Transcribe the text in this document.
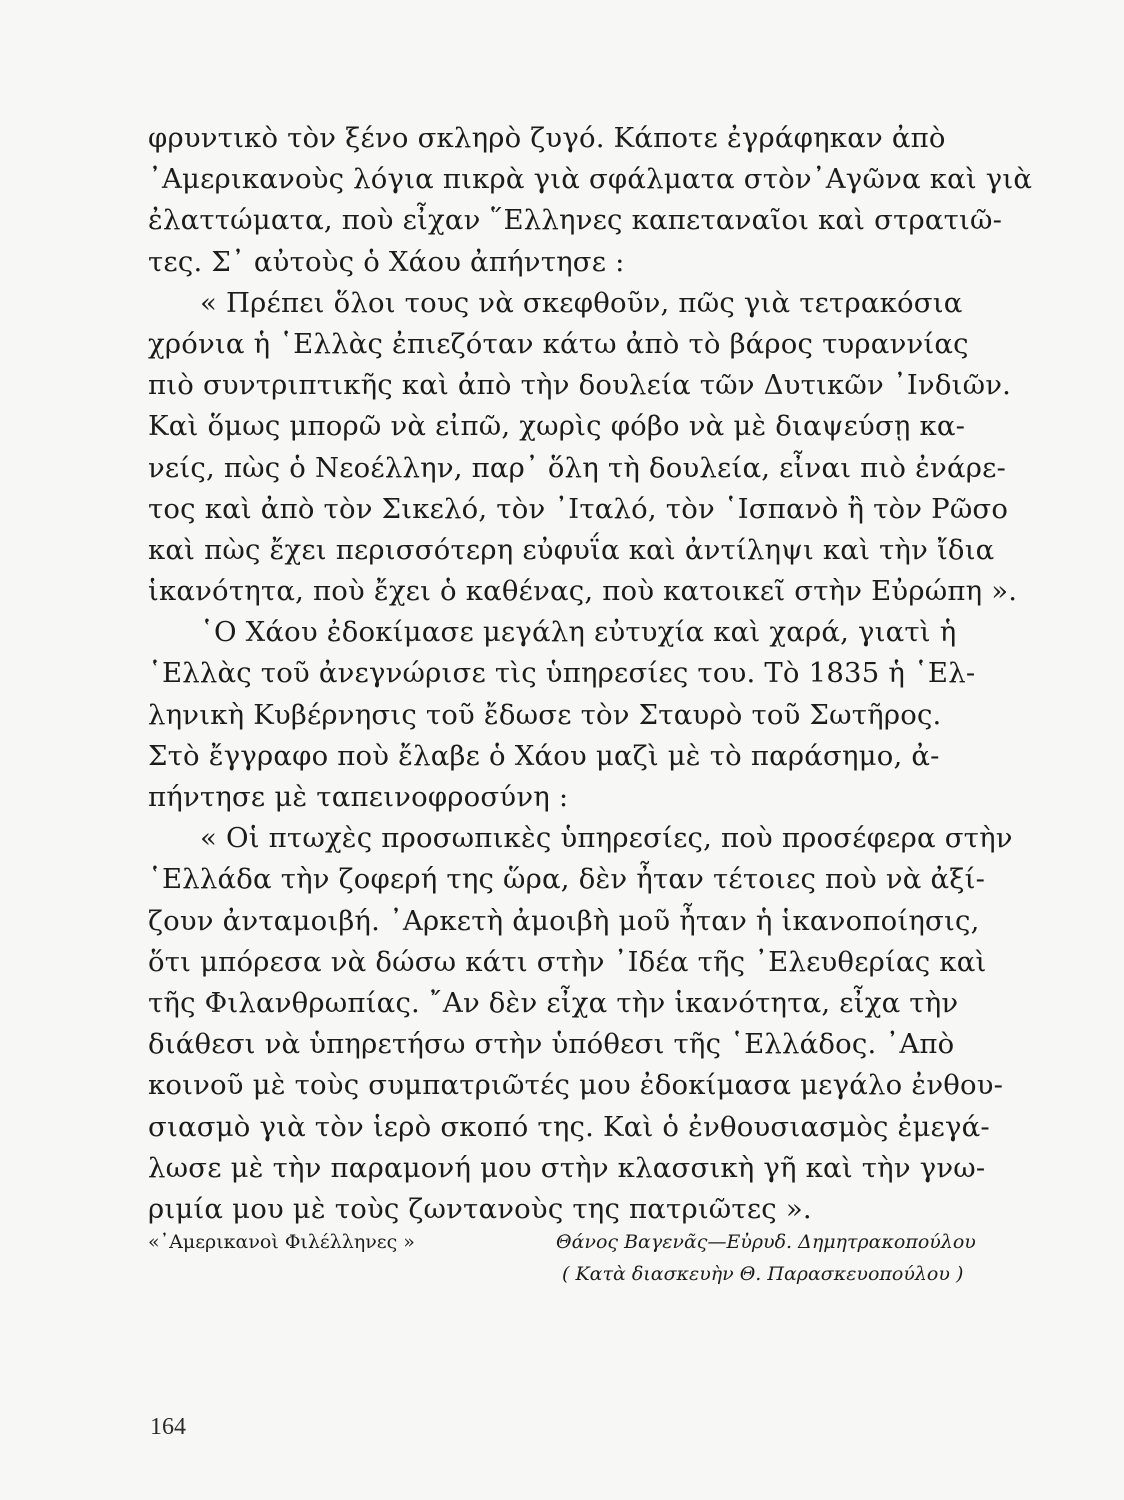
φρυντικὸ τὸν ξένο σκληρὸ ζυγό. Κάποτε ἐγράφηκαν ἀπὸ
᾿Αμερικανοὺς λόγια πικρὰ γιὰ σφάλματα στὸν᾿Αγῶνα καὶ γιὰ
ἐλαττώματα, ποὺ εἶχαν ῞Ελληνες καπεταναῖοι καὶ στρατιῶ-
τες. Σ᾿ αὐτοὺς ὁ Χάου ἀπήντησε :
« Πρέπει ὅλοι τους νὰ σκεφθοῦν, πῶς γιὰ τετρακόσια
χρόνια ἡ ῾Ελλὰς ἐπιεζόταν κάτω ἀπὸ τὸ βάρος τυραννίας
πιὸ συντριπτικῆς καὶ ἀπὸ τὴν δουλεία τῶν Δυτικῶν ᾿Ινδιῶν.
Καὶ ὅμως μπορῶ νὰ εἰπῶ, χωρὶς φόβο νὰ μὲ διαψεύσῃ κα-
νείς, πὼς ὁ Νεοέλλην, παρ᾿ ὅλη τὴ δουλεία, εἶναι πιὸ ἐνάρε-
τος καὶ ἀπὸ τὸν Σικελό, τὸν ᾿Ιταλό, τὸν ῾Ισπανὸ ἢ τὸν Ρῶσο
καὶ πὼς ἔχει περισσότερη εὐφυΐα καὶ ἀντίληψι καὶ τὴν ἴδια
ἱκανότητα, ποὺ ἔχει ὁ καθένας, ποὺ κατοικεῖ στὴν Εὐρώπη ».
῾Ο Χάου ἐδοκίμασε μεγάλη εὐτυχία καὶ χαρά, γιατὶ ἡ
῾Ελλὰς τοῦ ἀνεγνώρισε τὶς ὑπηρεσίες του. Τὸ 1835 ἡ ῾Ελ-
ληνικὴ Κυβέρνησις τοῦ ἔδωσε τὸν Σταυρὸ τοῦ Σωτῆρος.
Στὸ ἔγγραφο ποὺ ἔλαβε ὁ Χάου μαζὶ μὲ τὸ παράσημο, ἀ-
πήντησε μὲ ταπεινοφροσύνη :
« Οἱ πτωχὲς προσωπικὲς ὑπηρεσίες, ποὺ προσέφερα στὴν
῾Ελλάδα τὴν ζοφερή της ὥρα, δὲν ἦταν τέτοιες ποὺ νὰ ἀξί-
ζουν ἀνταμοιβή. ᾿Αρκετὴ ἀμοιβὴ μοῦ ἦταν ἡ ἱκανοποίησις,
ὅτι μπόρεσα νὰ δώσω κάτι στὴν ᾿Ιδέα τῆς ᾿Ελευθερίας καὶ
τῆς Φιλανθρωπίας. ῎Αν δὲν εἶχα τὴν ἱκανότητα, εἶχα τὴν
διάθεσι νὰ ὑπηρετήσω στὴν ὑπόθεσι τῆς ῾Ελλάδος. ᾿Απὸ
κοινοῦ μὲ τοὺς συμπατριῶτές μου ἐδοκίμασα μεγάλο ἐνθου-
σιασμὸ γιὰ τὸν ἱερὸ σκοπό της. Καὶ ὁ ἐνθουσιασμὸς ἐμεγά-
λωσε μὲ τὴν παραμονή μου στὴν κλασσικὴ γῆ καὶ τὴν γνω-
ριμία μου μὲ τοὺς ζωντανοὺς της πατριῶτες ».
«᾿Αμερικανοὶ Φιλέλληνες »	Θάνος Βαγενᾶς—Εὐρυδ. Δημητρακοπούλου
( Κατὰ διασκευὴν Θ. Παρασκευοπούλου )
164
